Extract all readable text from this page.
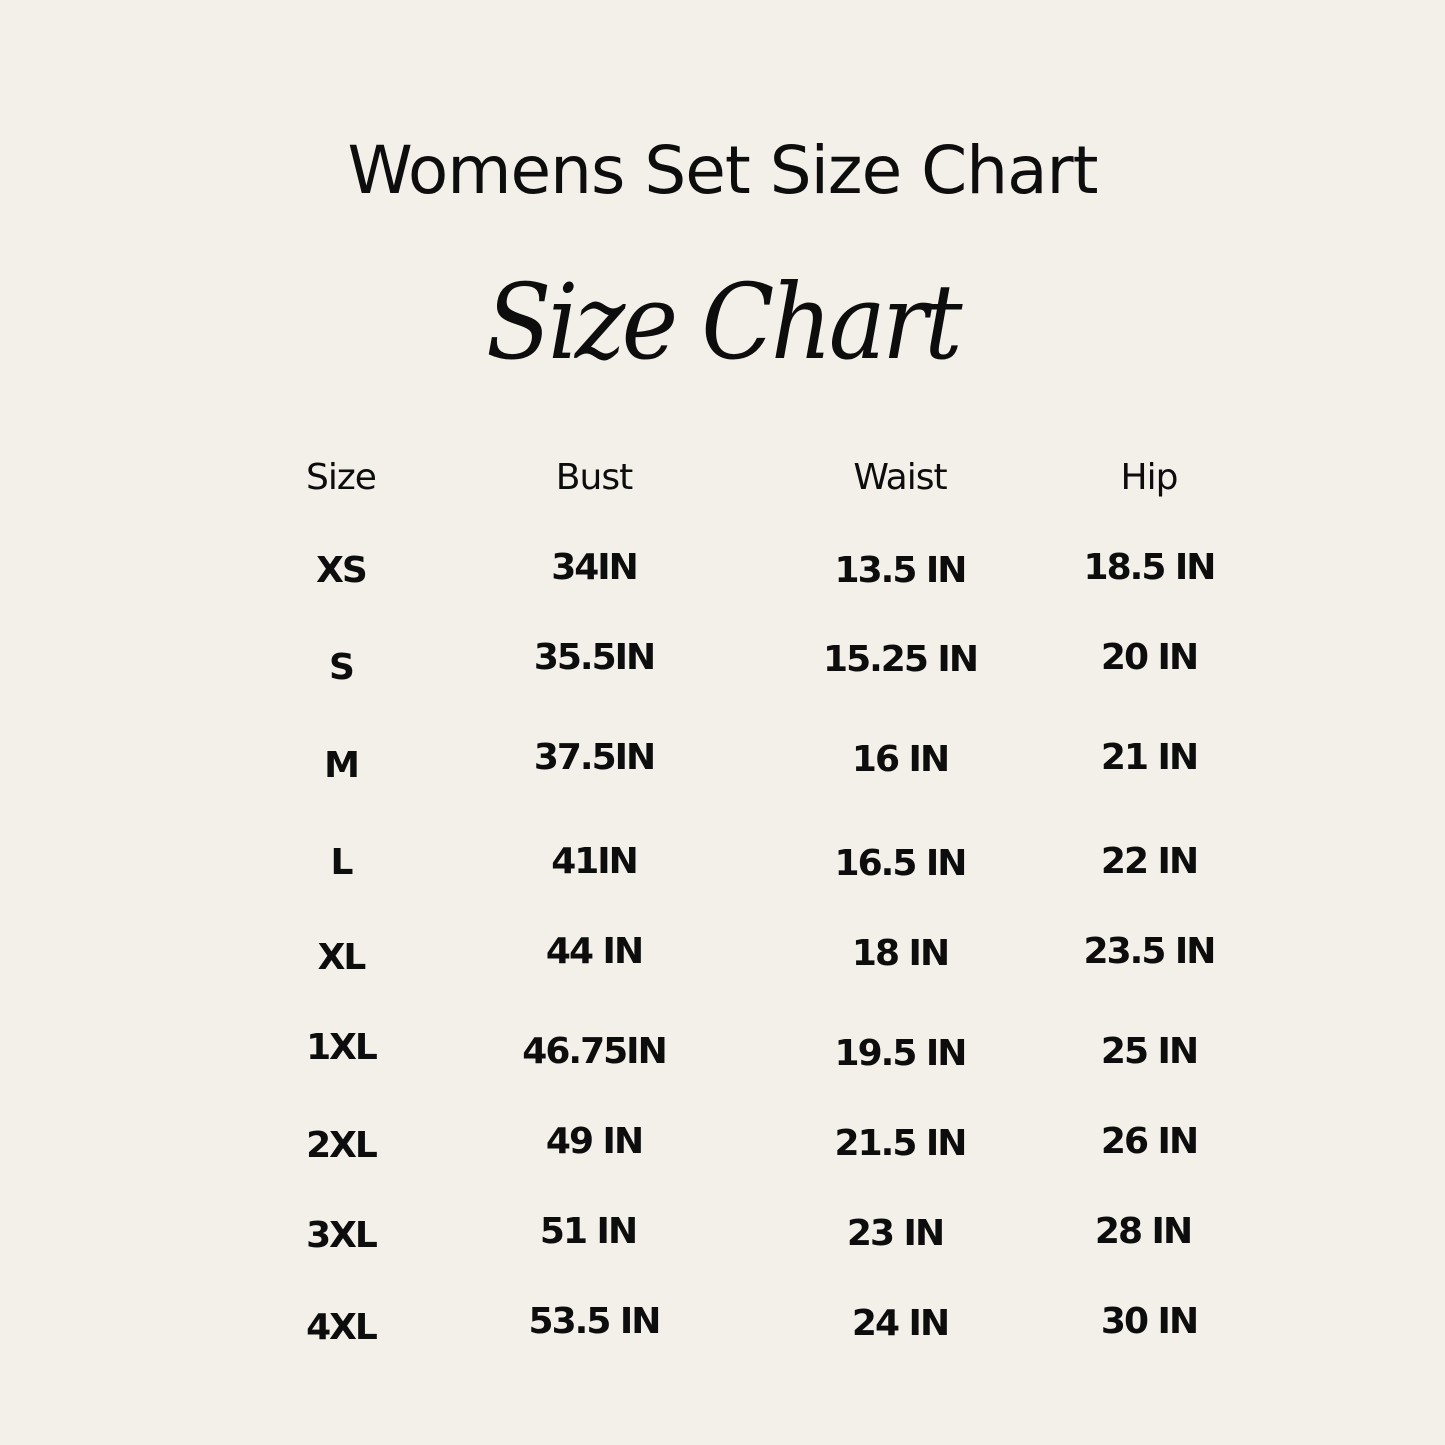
Womens Set Size Chart
Size Chart
Size	Bust	Waist	Hip
XS	34IN	13.5 IN	18.5 IN
S	35.5IN	15.25 IN	20 IN
M	37.5IN	16 IN	21 IN
L	41IN	16.5 IN	22 IN
XL	44 IN	18 IN	23.5 IN
1XL	46.75IN	19.5 IN	25 IN
2XL	49 IN	21.5 IN	26 IN
3XL	51 IN	23 IN	28 IN
4XL	53.5 IN	24 IN	30 IN
